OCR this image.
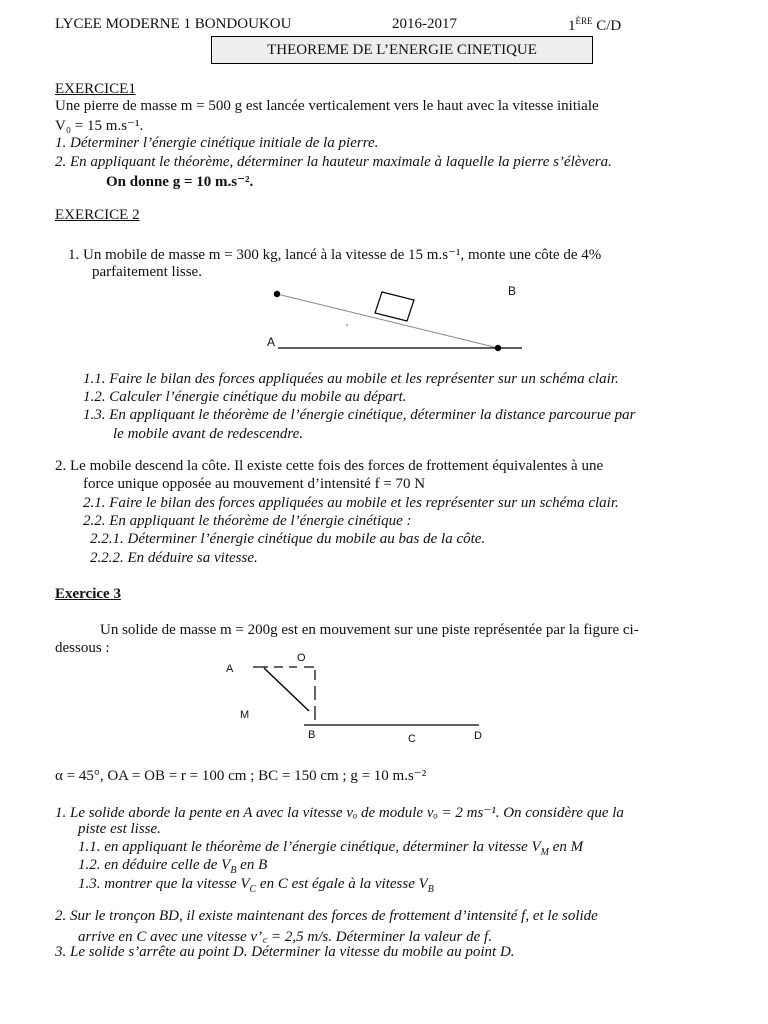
LYCEE MODERNE 1 BONDOUKOU	2016-2017	1ÈRE C/D
THEOREME DE L’ENERGIE CINETIQUE
EXERCICE1
Une pierre de masse m = 500 g est lancée verticalement vers le haut avec la vitesse initiale
V₀ = 15 m.s⁻¹.
1. Déterminer l’énergie cinétique initiale de la pierre.
2. En appliquant le théorème, déterminer la hauteur maximale à laquelle la pierre s’élèvera.
On donne g = 10 m.s⁻².
EXERCICE 2
1. Un mobile de masse m = 300 kg, lancé à la vitesse de 15 m.s⁻¹, monte une côte de 4%
parfaitement lisse.
B
A
1.1. Faire le bilan des forces appliquées au mobile et les représenter sur un schéma clair.
1.2. Calculer l’énergie cinétique du mobile au départ.
1.3. En appliquant le théorème de l’énergie cinétique, déterminer la distance parcourue par
le mobile avant de redescendre.
2. Le mobile descend la côte. Il existe cette fois des forces de frottement équivalentes à une
force unique opposée au mouvement d’intensité f = 70 N
2.1. Faire le bilan des forces appliquées au mobile et les représenter sur un schéma clair.
2.2. En appliquant le théorème de l’énergie cinétique :
2.2.1. Déterminer l’énergie cinétique du mobile au bas de la côte.
2.2.2. En déduire sa vitesse.
Exercice 3
Un solide de masse m = 200g est en mouvement sur une piste représentée par la figure ci-
dessous :
A
O
M
B	C	D
α = 45°, OA = OB = r = 100 cm ; BC = 150 cm ; g = 10 m.s⁻²
1. Le solide aborde la pente en A avec la vitesse vₒ de module vₒ = 2 ms⁻¹. On considère que la
piste est lisse.
1.1. en appliquant le théorème de l’énergie cinétique, déterminer la vitesse $V_M$ en M
1.2. en déduire celle de $V_B$ en B
1.3. montrer que la vitesse $V_C$ en C est égale à la vitesse $V_B$
2. Sur le tronçon BD, il existe maintenant des forces de frottement d’intensité f, et le solide
arrive en C avec une vitesse v’꜀ = 2,5 m/s. Déterminer la valeur de f.
3. Le solide s’arrête au point D. Déterminer la vitesse du mobile au point D.
